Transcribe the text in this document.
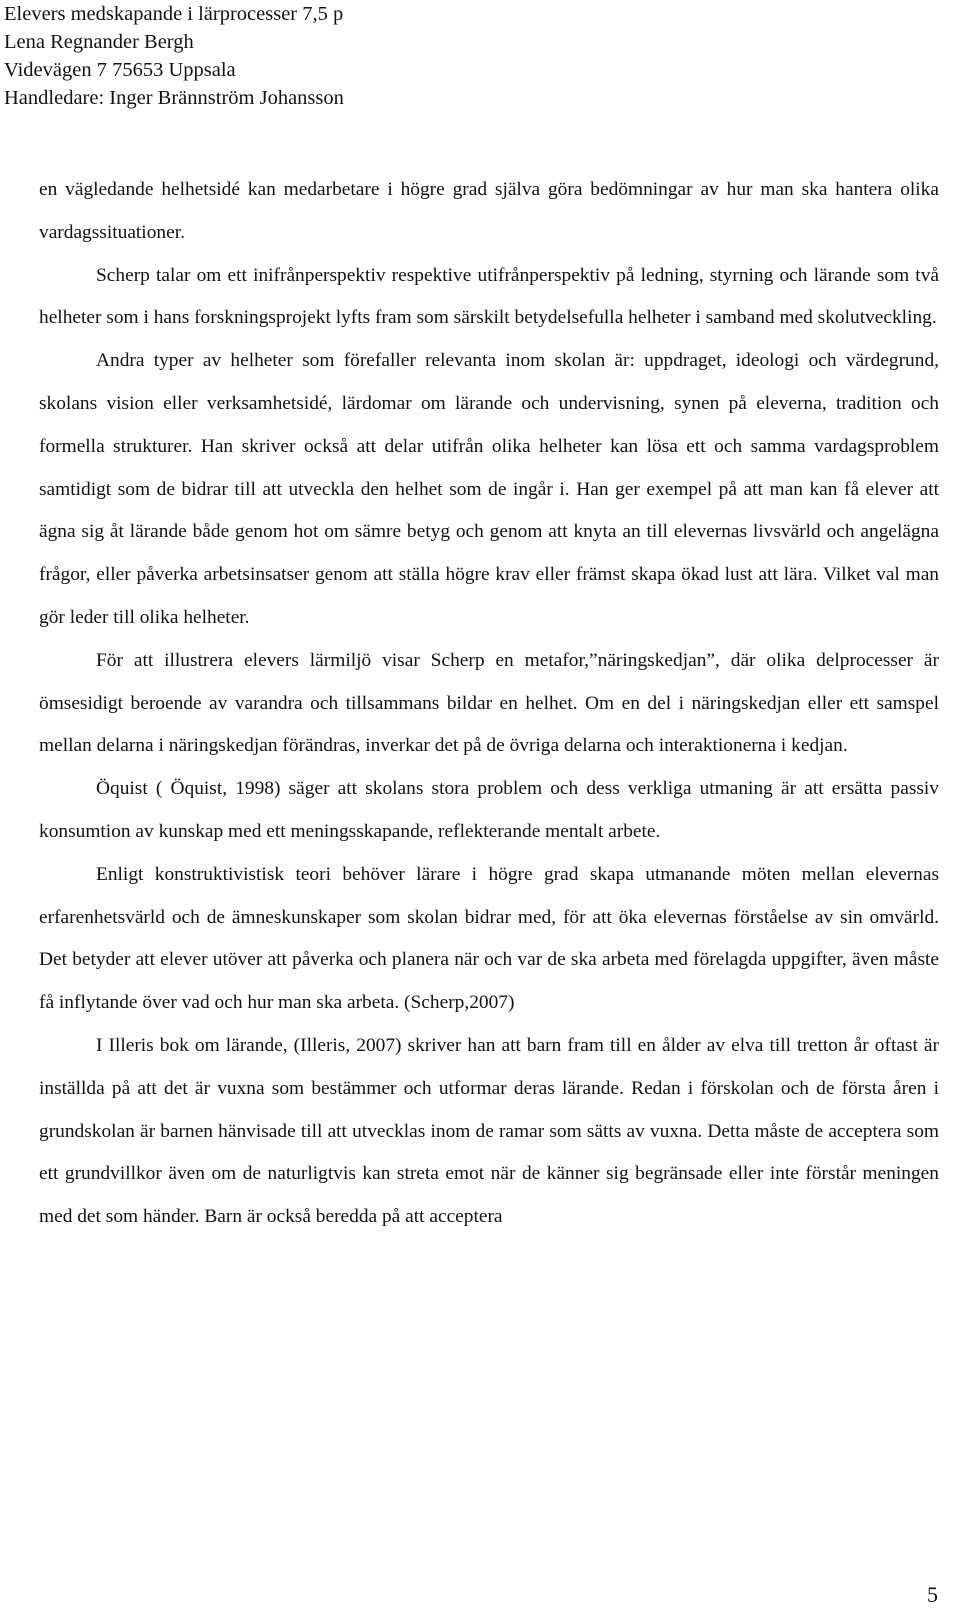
Elevers medskapande i lärprocesser 7,5 p
Lena Regnander Bergh
Videvägen 7 75653 Uppsala
Handledare: Inger Brännström Johansson

en vägledande helhetsidé kan medarbetare i högre grad själva göra bedömningar av hur man ska hantera olika vardagssituationer.

Scherp talar om ett inifrånperspektiv respektive utifrånperspektiv på ledning, styrning och lärande som två helheter som i hans forskningsprojekt lyfts fram som särskilt betydelsefulla helheter i samband med skolutveckling.

Andra typer av helheter som förefaller relevanta inom skolan är: uppdraget, ideologi och värdegrund, skolans vision eller verksamhetsidé, lärdomar om lärande och undervisning, synen på eleverna, tradition och formella strukturer. Han skriver också att delar utifrån olika helheter kan lösa ett och samma vardagsproblem samtidigt som de bidrar till att utveckla den helhet som de ingår i. Han ger exempel på att man kan få elever att ägna sig åt lärande både genom hot om sämre betyg och genom att knyta an till elevernas livsvärld och angelägna frågor, eller påverka arbetsinsatser genom att ställa högre krav eller främst skapa ökad lust att lära. Vilket val man gör leder till olika helheter.

För att illustrera elevers lärmiljö visar Scherp en metafor,”näringskedjan”, där olika delprocesser är ömsesidigt beroende av varandra och tillsammans bildar en helhet. Om en del i näringskedjan eller ett samspel mellan delarna i näringskedjan förändras, inverkar det på de övriga delarna och interaktionerna i kedjan.

Öquist ( Öquist, 1998) säger att skolans stora problem och dess verkliga utmaning är att ersätta passiv konsumtion av kunskap med ett meningsskapande, reflekterande mentalt arbete.

Enligt konstruktivistisk teori behöver lärare i högre grad skapa utmanande möten mellan elevernas erfarenhetsvärld och de ämneskunskaper som skolan bidrar med, för att öka elevernas förståelse av sin omvärld. Det betyder att elever utöver att påverka och planera när och var de ska arbeta med förelagda uppgifter, även måste få inflytande över vad och hur man ska arbeta. (Scherp,2007)

I Illeris bok om lärande, (Illeris, 2007) skriver han att barn fram till en ålder av elva till tretton år oftast är inställda på att det är vuxna som bestämmer och utformar deras lärande. Redan i förskolan och de första åren i grundskolan är barnen hänvisade till att utvecklas inom de ramar som sätts av vuxna. Detta måste de acceptera som ett grundvillkor även om de naturligtvis kan streta emot när de känner sig begränsade eller inte förstår meningen med det som händer. Barn är också beredda på att acceptera

5
